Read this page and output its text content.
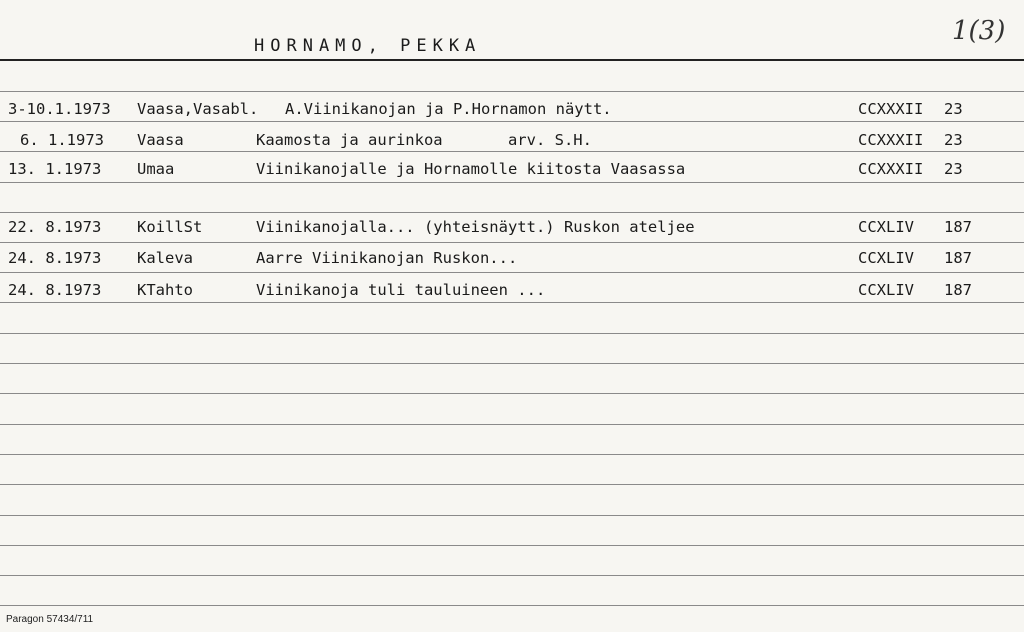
HORNAMO, PEKKA	1(3)
3-10.1.1973 Vaasa,Vasabl. A.Viinikanojan ja P.Hornamon näytt.	CCXXXII 23
6. 1.1973 Vaasa	Kaamosta ja aurinkoa       arv. S.H.	CCXXXII 23
13. 1.1973 Umaa	Viinikanojalle ja Hornamolle kiitosta Vaasassa	CCXXXII 23
22. 8.1973 KoillSt	Viinikanojalla... (yhteisnäytt.) Ruskon ateljee	CCXLIV 187
24. 8.1973 Kaleva	Aarre Viinikanojan Ruskon...	CCXLIV 187
24. 8.1973 KTahto	Viinikanoja tuli tauluineen ...	CCXLIV 187
Paragon 57434/711
